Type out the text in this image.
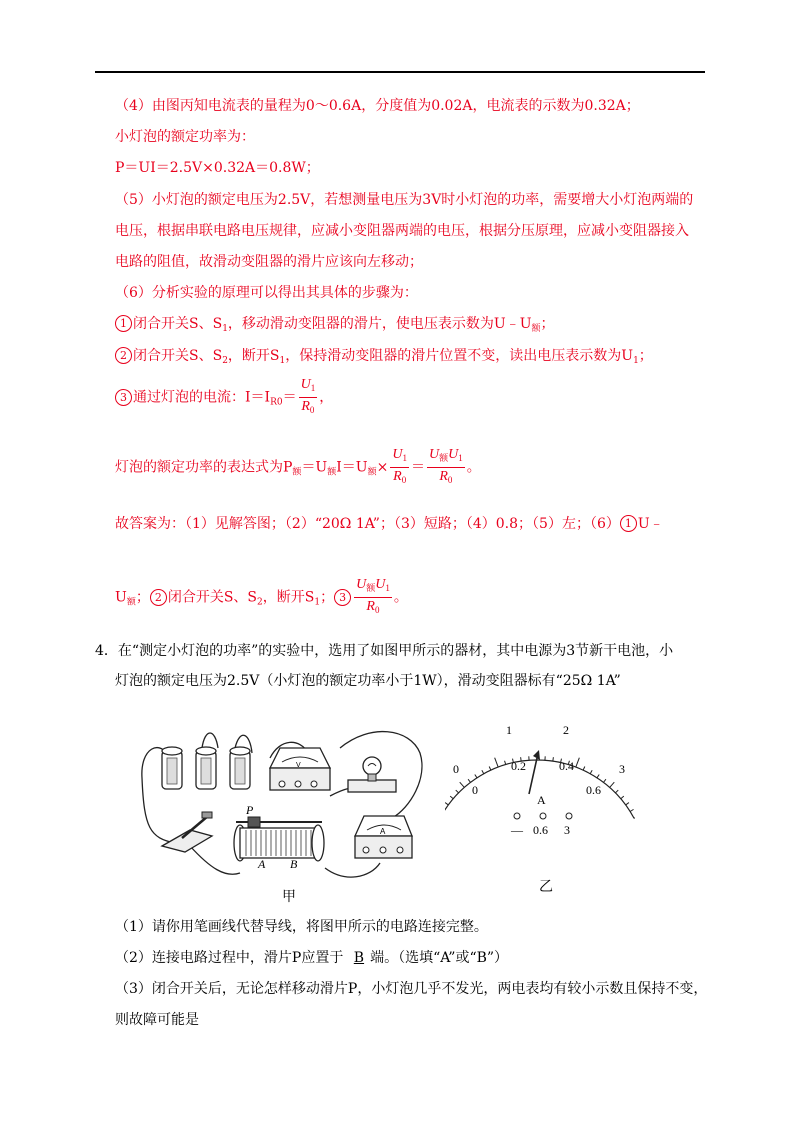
（4）由图丙知电流表的量程为0～0.6A，分度值为0.02A，电流表的示数为0.32A；
小灯泡的额定功率为：
P＝UI＝2.5V×0.32A＝0.8W；
（5）小灯泡的额定电压为2.5V，若想测量电压为3V时小灯泡的功率，需要增大小灯泡两端的
电压，根据串联电路电压规律，应减小变阻器两端的电压，根据分压原理，应减小变阻器接入
电路的阻值，故滑动变阻器的滑片应该向左移动；
（6）分析实验的原理可以得出其具体的步骤为：
1 闭合开关S、$S_1$，移动滑动变阻器的滑片，使电压表示数为$U﹣U_额$；
2 闭合开关S、$S_2$，断开$S_1$，保持滑动变阻器的滑片位置不变，读出电压表示数为$U_1$；
3 通过灯泡的电流：$I=I_{R0}= \frac{U_1}{R_0}$ ，
灯泡的额定功率的表达式为$P_额=U_额I=U_额\times \frac{U_1}{R_0} = \frac{U_额U_1}{R_0}$ 。
故答案为：（1）见解答图；（2）“20Ω 1A”；（3）短路；（4）0.8；（5）左；（6） 1 U﹣
$U_额$； 2 闭合开关S、$S_2$，断开$S_1$； $3 \frac{U_额U_1}{R_0}$ 。
4．在“测定小灯泡的功率”的实验中，选用了如图甲所示的器材，其中电源为3节新干电池，小
灯泡的额定电压为2.5V（小灯泡的额定功率小于1W），滑动变阻器标有“25Ω 1A”
V
P
A B
A
甲
0
1	2
3
0
0.2	0.4
0.6
A
— 0.6 3
乙
（1）请你用笔画线代替导线，将图甲所示的电路连接完整。
（2）连接电路过程中，滑片P应置于 B 端。（选填“A”或“B”）
（3）闭合开关后，无论怎样移动滑片P，小灯泡几乎不发光，两电表均有较小示数且保持不变，
则故障可能是
